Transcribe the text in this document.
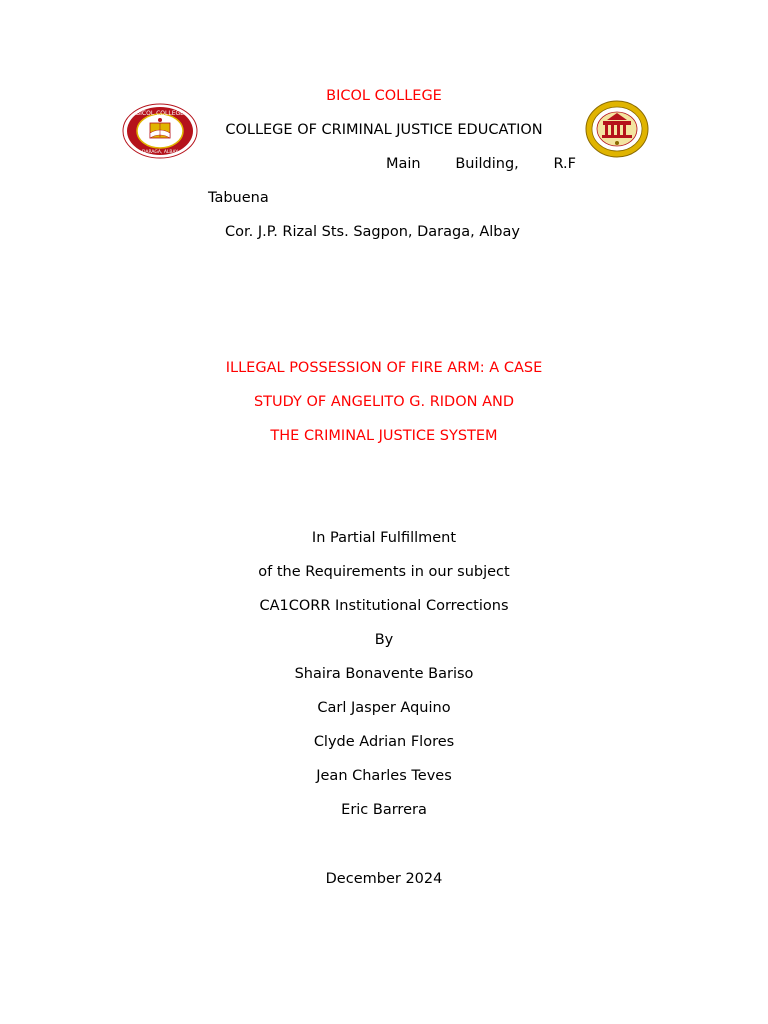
BICOL COLLEGE
BICOL COLLEGE
DARAGA, ALBAY
COLLEGE OF CRIMINAL JUSTICE EDUCATION
Main Building, R.F
Tabuena
Cor. J.P. Rizal Sts. Sagpon, Daraga, Albay
ILLEGAL POSSESSION OF FIRE ARM: A CASE
STUDY OF ANGELITO G. RIDON AND
THE CRIMINAL JUSTICE SYSTEM
In Partial Fulfillment
of the Requirements in our subject
CA1CORR Institutional Corrections
By
Shaira Bonavente Bariso
Carl Jasper Aquino
Clyde Adrian Flores
Jean Charles Teves
Eric Barrera
December 2024
